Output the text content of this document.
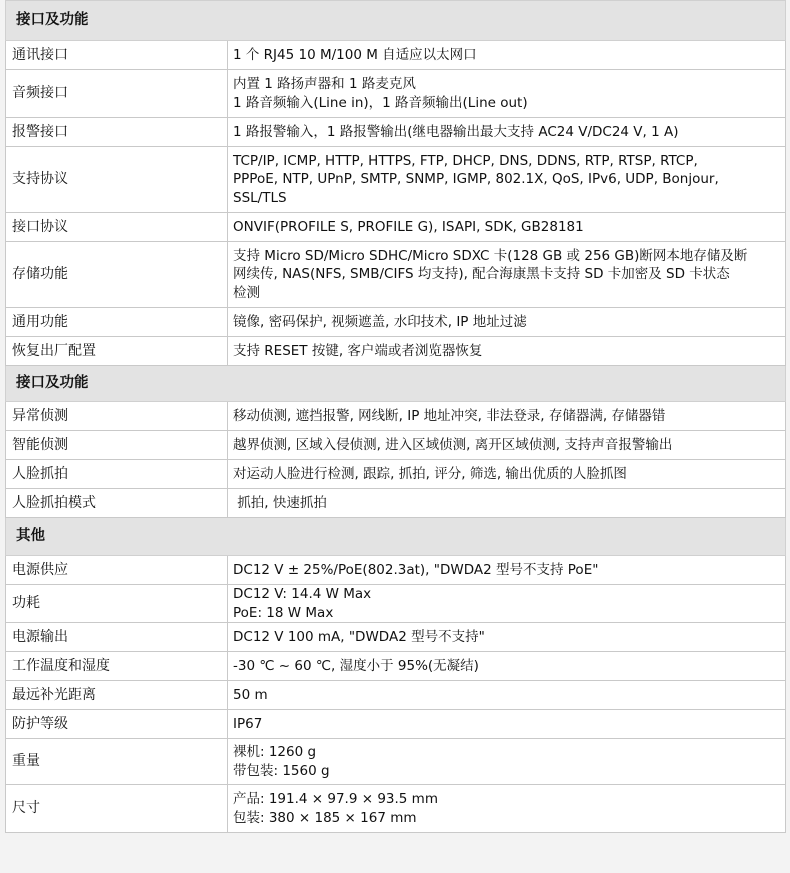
接口及功能	
通讯接口	1 个 RJ45 10 M/100 M 自适应以太网口

音频接口	内置 1 路扬声器和 1 路麦克风
1 路音频输入(Line in)，1 路音频输出(Line out)

报警接口	1 路报警输入，1 路报警输出(继电器输出最大支持 AC24 V/DC24 V, 1 A)

支持协议	TCP/IP, ICMP, HTTP, HTTPS, FTP, DHCP, DNS, DDNS, RTP, RTSP, RTCP,
PPPoE, NTP, UPnP, SMTP, SNMP, IGMP, 802.1X, QoS, IPv6, UDP, Bonjour,
SSL/TLS

接口协议	ONVIF(PROFILE S, PROFILE G), ISAPI, SDK, GB28181

存储功能	支持 Micro SD/Micro SDHC/Micro SDXC 卡(128 GB 或 256 GB)断网本地存储及断
网续传, NAS(NFS, SMB/CIFS 均支持), 配合海康黑卡支持 SD 卡加密及 SD 卡状态
检测

通用功能	镜像, 密码保护, 视频遮盖, 水印技术, IP 地址过滤

恢复出厂配置	支持 RESET 按键, 客户端或者浏览器恢复

接口及功能	
异常侦测	移动侦测, 遮挡报警, 网线断, IP 地址冲突, 非法登录, 存储器满, 存储器错

智能侦测	越界侦测, 区域入侵侦测, 进入区域侦测, 离开区域侦测, 支持声音报警输出

人脸抓拍	对运动人脸进行检测, 跟踪, 抓拍, 评分, 筛选, 输出优质的人脸抓图

人脸抓拍模式	抓拍, 快速抓拍

其他	
电源供应	DC12 V ± 25%/PoE(802.3at), "DWDA2 型号不支持 PoE"

功耗	DC12 V: 14.4 W Max
PoE: 18 W Max

电源输出	DC12 V 100 mA, "DWDA2 型号不支持"

工作温度和湿度	-30 ℃ ~ 60 ℃, 湿度小于 95%(无凝结)

最远补光距离	50 m

防护等级	IP67

重量	裸机: 1260 g
带包装: 1560 g

尺寸	产品: 191.4 × 97.9 × 93.5 mm
包装: 380 × 185 × 167 mm
